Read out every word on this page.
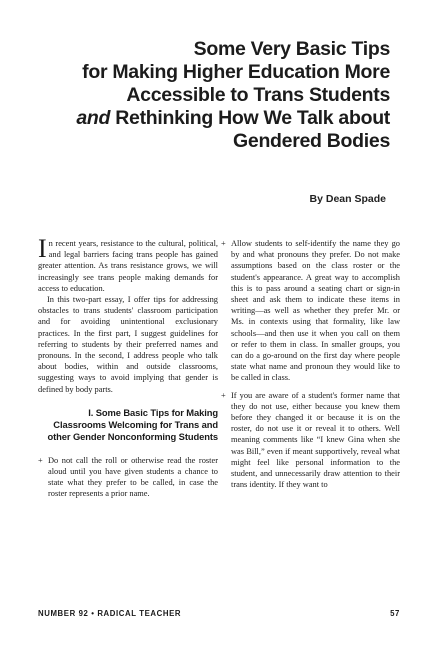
Some Very Basic Tips
for Making Higher Education More
Accessible to Trans Students
and Rethinking How We Talk about
Gendered Bodies
By Dean Spade

In recent years, resistance to the cultural, political, and legal barriers facing trans people has gained greater attention. As trans resistance grows, we will increasingly see trans people making demands for access to education.

In this two-part essay, I offer tips for addressing obstacles to trans students' classroom participation and for avoiding unintentional exclusionary practices. In the first part, I suggest guidelines for referring to students by their preferred names and pronouns. In the second, I address people who talk about bodies, within and outside classrooms, suggesting ways to avoid implying that gender is defined by body parts.

I. Some Basic Tips for Making Classrooms Welcoming for Trans and other Gender Nonconforming Students

+ Do not call the roll or otherwise read the roster aloud until you have given students a chance to state what they prefer to be called, in case the roster represents a prior name.

+ Allow students to self-identify the name they go by and what pronouns they prefer. Do not make assumptions based on the class roster or the student's appearance. A great way to accomplish this is to pass around a seating chart or sign-in sheet and ask them to indicate these items in writing—as well as whether they prefer Mr. or Ms. in contexts using that formality, like law schools—and then use it when you call on them or refer to them in class. In smaller groups, you can do a go-around on the first day where people state what name and pronoun they would like to be called in class.

+ If you are aware of a student's former name that they do not use, either because you knew them before they changed it or because it is on the roster, do not use it or reveal it to others. Well meaning comments like “I knew Gina when she was Bill,” even if meant supportively, reveal what might feel like personal information to the student, and unnecessarily draw attention to their trans identity. If they want to

NUMBER 92 • RADICAL TEACHER	57
